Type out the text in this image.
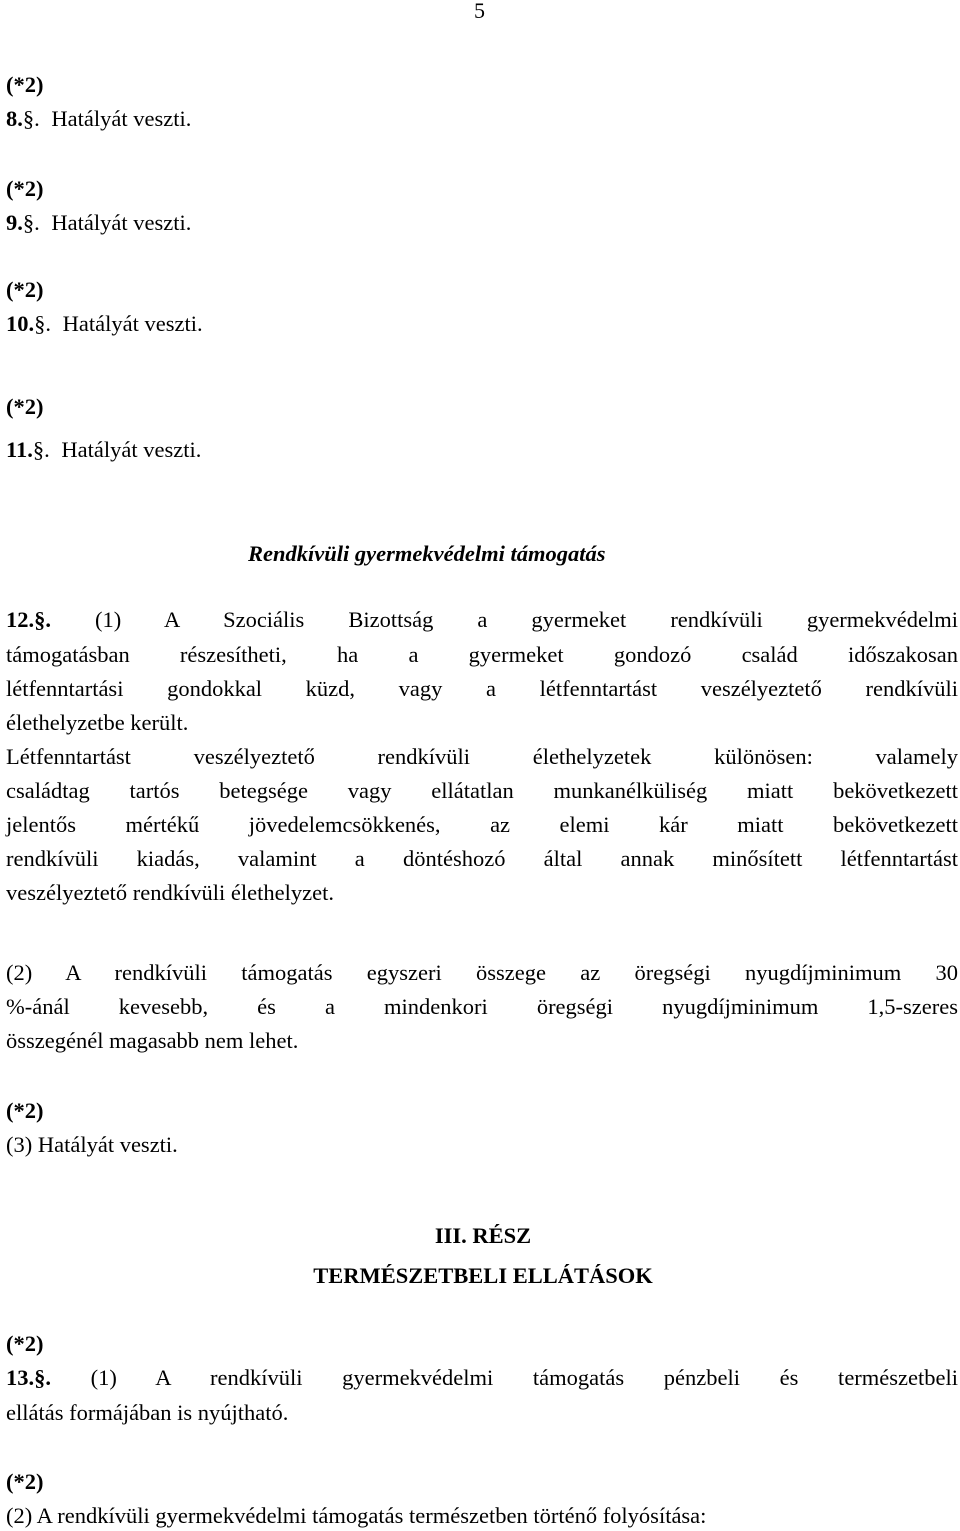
5
(*2)
8.§. Hatályát veszti.
(*2)
9.§. Hatályát veszti.
(*2)
10.§. Hatályát veszti.
(*2)
11.§. Hatályát veszti.
Rendkívüli gyermekvédelmi támogatás
12.§. (1) A Szociális Bizottság a gyermeket rendkívüli gyermekvédelmi
támogatásban részesítheti, ha a gyermeket gondozó család időszakosan
létfenntartási gondokkal küzd, vagy a létfenntartást veszélyeztető rendkívüli
élethelyzetbe került.
Létfenntartást veszélyeztető rendkívüli élethelyzetek különösen: valamely
családtag tartós betegsége vagy ellátatlan munkanélküliség miatt bekövetkezett
jelentős mértékű jövedelemcsökkenés, az elemi kár miatt bekövetkezett
rendkívüli kiadás, valamint a döntéshozó által annak minősített létfenntartást
veszélyeztető rendkívüli élethelyzet.
(2) A rendkívüli támogatás egyszeri összege az öregségi nyugdíjminimum 30
%-ánál kevesebb, és a mindenkori öregségi nyugdíjminimum 1,5-szeres
összegénél magasabb nem lehet.
(*2)
(3) Hatályát veszti.
III. RÉSZ
TERMÉSZETBELI ELLÁTÁSOK
(*2)
13.§. (1) A rendkívüli gyermekvédelmi támogatás pénzbeli és természetbeli
ellátás formájában is nyújtható.
(*2)
(2) A rendkívüli gyermekvédelmi támogatás természetben történő folyósítása:
